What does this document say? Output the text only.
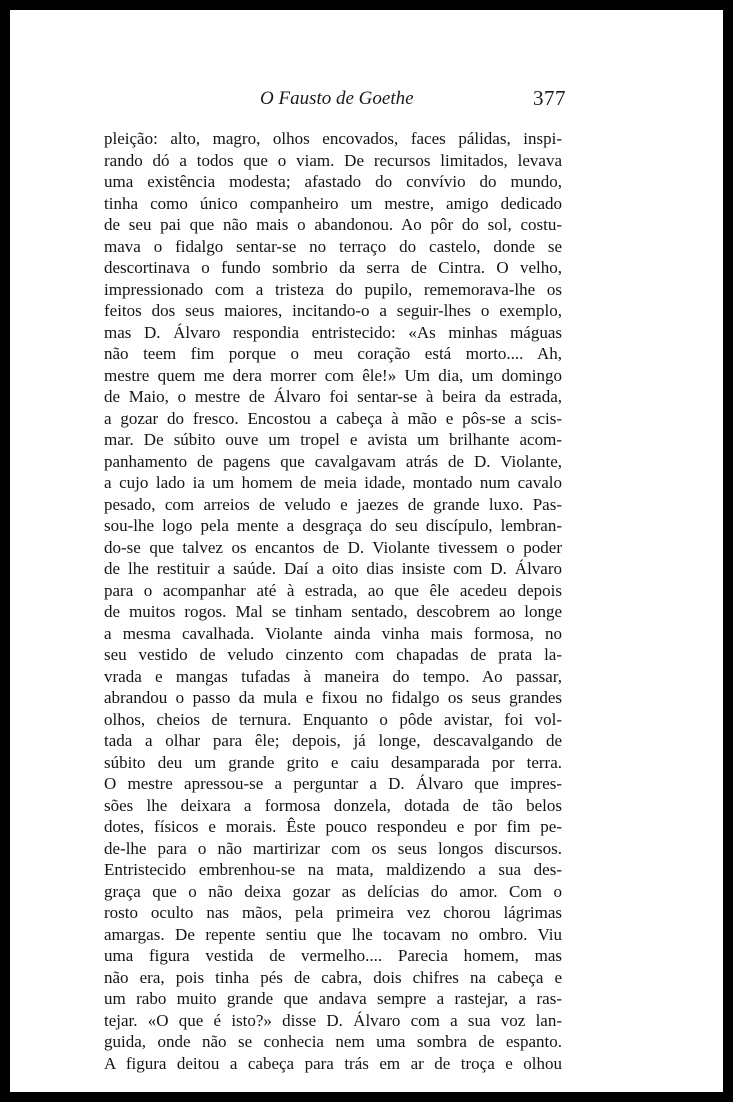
O Fausto de Goethe	377
pleição: alto, magro, olhos encovados, faces pálidas, inspi-
rando dó a todos que o viam. De recursos limitados, levava
uma existência modesta; afastado do convívio do mundo,
tinha como único companheiro um mestre, amigo dedicado
de seu pai que não mais o abandonou. Ao pôr do sol, costu-
mava o fidalgo sentar-se no terraço do castelo, donde se
descortinava o fundo sombrio da serra de Cintra. O velho,
impressionado com a tristeza do pupilo, rememorava-lhe os
feitos dos seus maiores, incitando-o a seguir-lhes o exemplo,
mas D. Álvaro respondia entristecido: «As minhas máguas
não teem fim porque o meu coração está morto.... Ah,
mestre quem me dera morrer com êle!» Um dia, um domingo
de Maio, o mestre de Álvaro foi sentar-se à beira da estrada,
a gozar do fresco. Encostou a cabeça à mão e pôs-se a scis-
mar. De súbito ouve um tropel e avista um brilhante acom-
panhamento de pagens que cavalgavam atrás de D. Violante,
a cujo lado ia um homem de meia idade, montado num cavalo
pesado, com arreios de veludo e jaezes de grande luxo. Pas-
sou-lhe logo pela mente a desgraça do seu discípulo, lembran-
do-se que talvez os encantos de D. Violante tivessem o poder
de lhe restituir a saúde. Daí a oito dias insiste com D. Álvaro
para o acompanhar até à estrada, ao que êle acedeu depois
de muitos rogos. Mal se tinham sentado, descobrem ao longe
a mesma cavalhada. Violante ainda vinha mais formosa, no
seu vestido de veludo cinzento com chapadas de prata la-
vrada e mangas tufadas à maneira do tempo. Ao passar,
abrandou o passo da mula e fixou no fidalgo os seus grandes
olhos, cheios de ternura. Enquanto o pôde avistar, foi vol-
tada a olhar para êle; depois, já longe, descavalgando de
súbito deu um grande grito e caiu desamparada por terra.
O mestre apressou-se a perguntar a D. Álvaro que impres-
sões lhe deixara a formosa donzela, dotada de tão belos
dotes, físicos e morais. Êste pouco respondeu e por fim pe-
de-lhe para o não martirizar com os seus longos discursos.
Entristecido embrenhou-se na mata, maldizendo a sua des-
graça que o não deixa gozar as delícias do amor. Com o
rosto oculto nas mãos, pela primeira vez chorou lágrimas
amargas. De repente sentiu que lhe tocavam no ombro. Viu
uma figura vestida de vermelho.... Parecia homem, mas
não era, pois tinha pés de cabra, dois chifres na cabeça e
um rabo muito grande que andava sempre a rastejar, a ras-
tejar. «O que é isto?» disse D. Álvaro com a sua voz lan-
guida, onde não se conhecia nem uma sombra de espanto.
A figura deitou a cabeça para trás em ar de troça e olhou
